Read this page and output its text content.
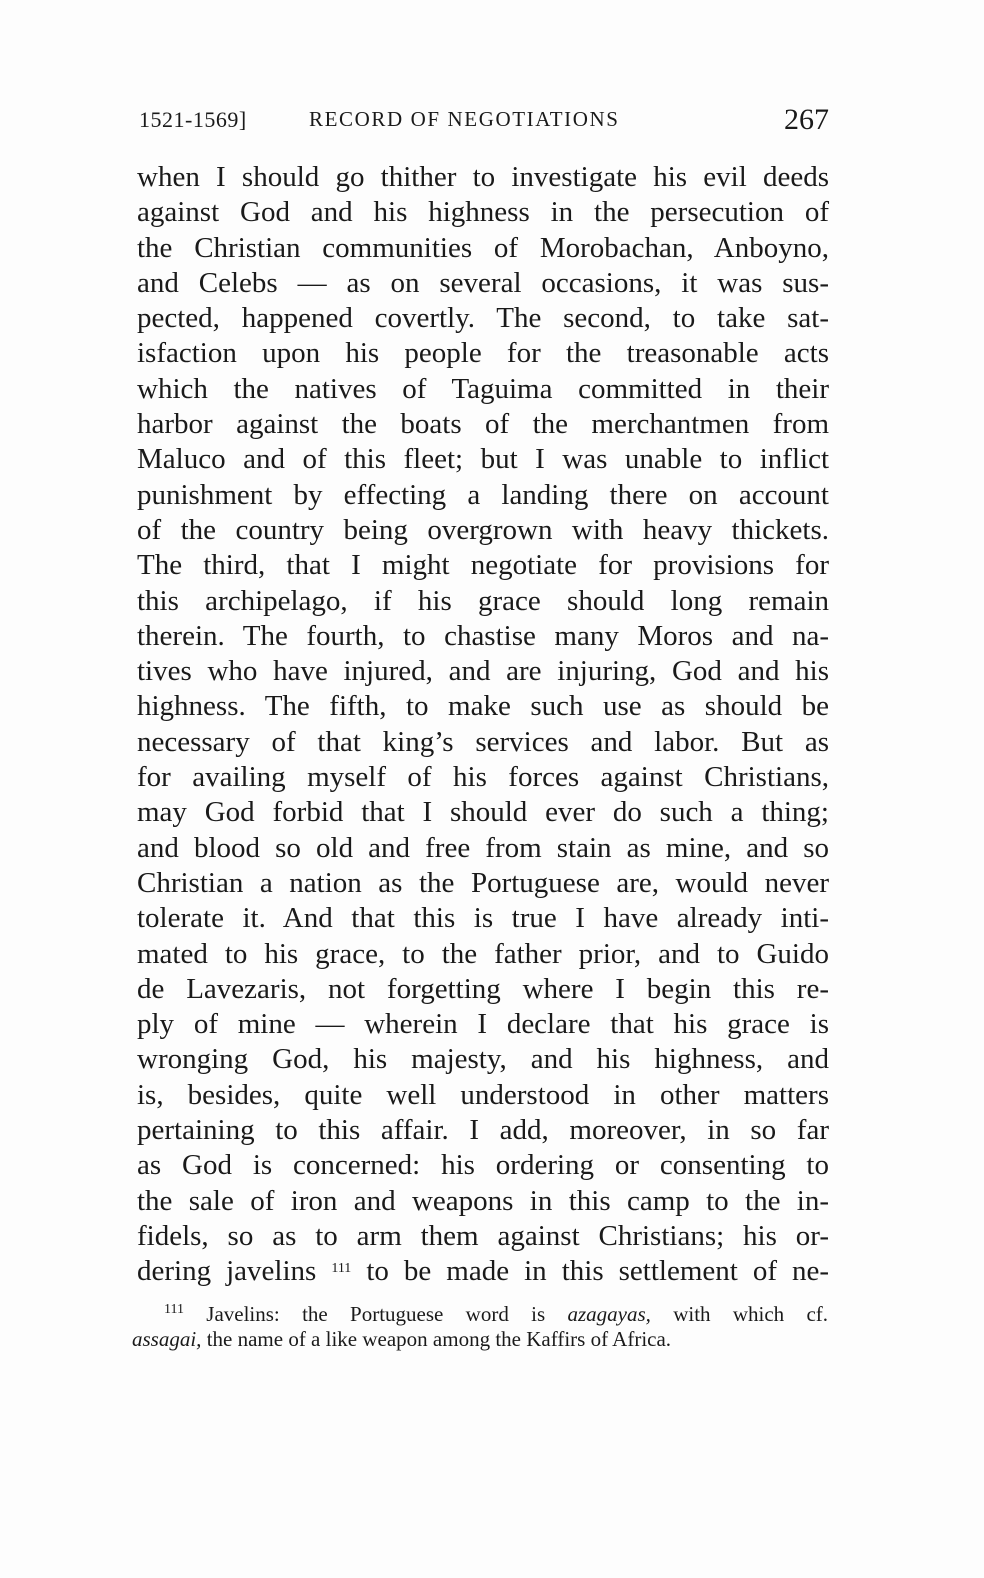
1521-1569]	RECORD OF NEGOTIATIONS	267
when I should go thither to investigate his evil deeds
against God and his highness in the persecution of
the Christian communities of Morobachan, Anboyno,
and Celebs — as on several occasions, it was sus-
pected, happened covertly. The second, to take sat-
isfaction upon his people for the treasonable acts
which the natives of Taguima committed in their
harbor against the boats of the merchantmen from
Maluco and of this fleet; but I was unable to inflict
punishment by effecting a landing there on account
of the country being overgrown with heavy thickets.
The third, that I might negotiate for provisions for
this archipelago, if his grace should long remain
therein. The fourth, to chastise many Moros and na-
tives who have injured, and are injuring, God and his
highness. The fifth, to make such use as should be
necessary of that king’s services and labor. But as
for availing myself of his forces against Christians,
may God forbid that I should ever do such a thing;
and blood so old and free from stain as mine, and so
Christian a nation as the Portuguese are, would never
tolerate it. And that this is true I have already inti-
mated to his grace, to the father prior, and to Guido
de Lavezaris, not forgetting where I begin this re-
ply of mine — wherein I declare that his grace is
wronging God, his majesty, and his highness, and
is, besides, quite well understood in other matters
pertaining to this affair. I add, moreover, in so far
as God is concerned: his ordering or consenting to
the sale of iron and weapons in this camp to the in-
fidels, so as to arm them against Christians; his or-
dering javelins $^{111}$ to be made in this settlement of ne-
$^{111}$ Javelins: the Portuguese word is azagayas, with which cf.
assagai, the name of a like weapon among the Kaffirs of Africa.
